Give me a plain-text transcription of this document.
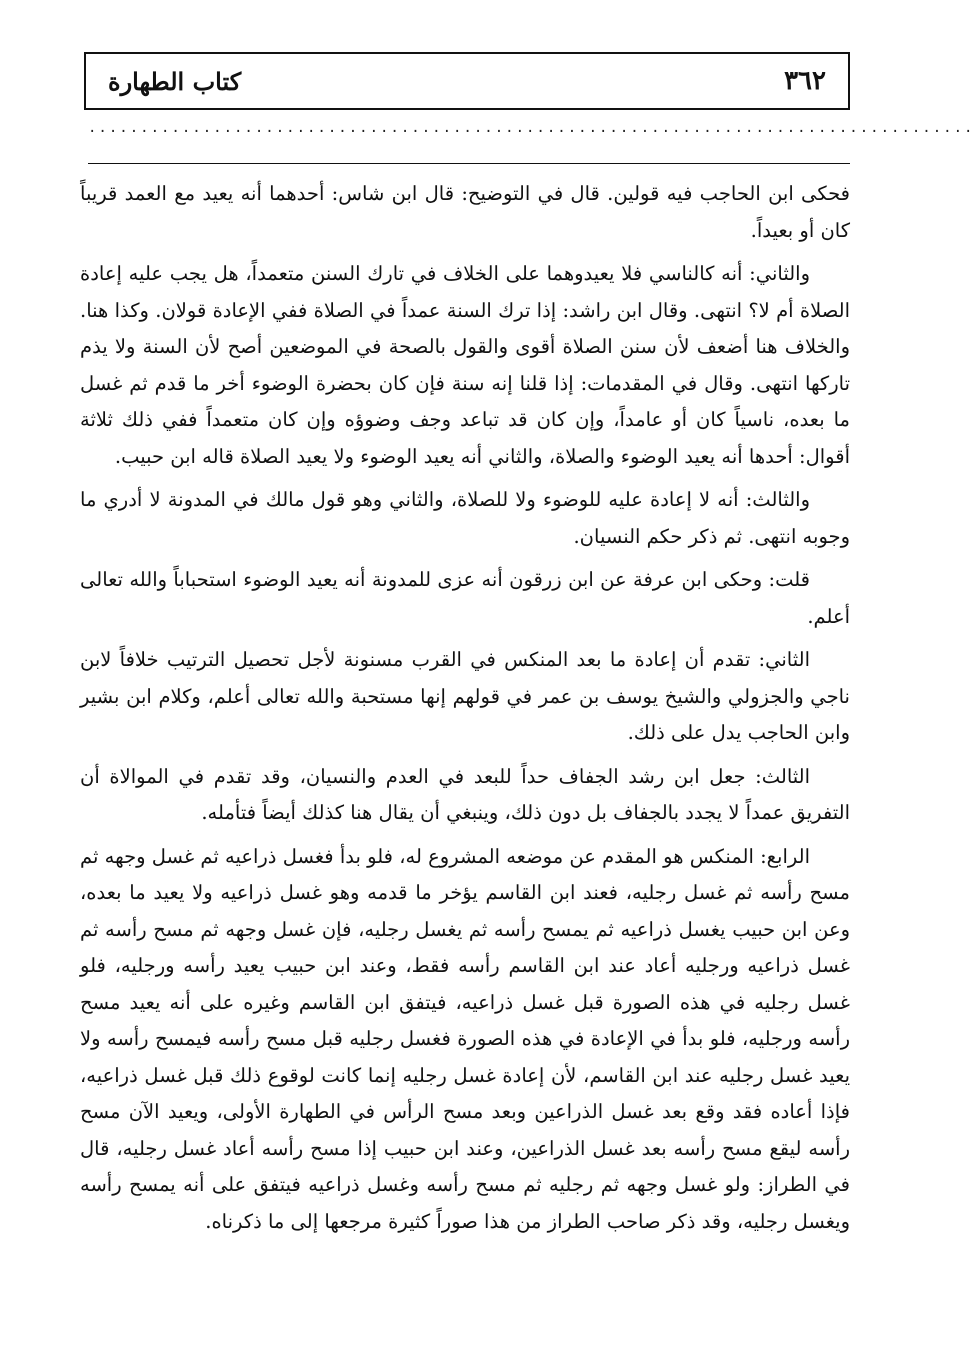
كتاب الطهارة	٣٦٢
.....................................................................................

فحكى ابن الحاجب فيه قولين. قال في التوضيح: قال ابن شاس: أحدهما أنه يعيد مع العمد قريباً كان أو بعيداً.

والثاني: أنه كالناسي فلا يعيدوهما على الخلاف في تارك السنن متعمداً، هل يجب عليه إعادة الصلاة أم لا؟ انتهى. وقال ابن راشد: إذا ترك السنة عمداً في الصلاة ففي الإعادة قولان. وكذا هنا. والخلاف هنا أضعف لأن سنن الصلاة أقوى والقول بالصحة في الموضعين أصح لأن السنة ولا يذم تاركها انتهى. وقال في المقدمات: إذا قلنا إنه سنة فإن كان بحضرة الوضوء أخر ما قدم ثم غسل ما بعده، ناسياً كان أو عامداً، وإن كان قد تباعد وجف وضوؤه وإن كان متعمداً ففي ذلك ثلاثة أقوال: أحدها أنه يعيد الوضوء والصلاة، والثاني أنه يعيد الوضوء ولا يعيد الصلاة قاله ابن حبيب.

والثالث: أنه لا إعادة عليه للوضوء ولا للصلاة، والثاني وهو قول مالك في المدونة لا أدري ما وجوبه انتهى. ثم ذكر حكم النسيان.

قلت: وحكى ابن عرفة عن ابن زرقون أنه عزى للمدونة أنه يعيد الوضوء استحباباً والله تعالى أعلم.

الثاني: تقدم أن إعادة ما بعد المنكس في القرب مسنونة لأجل تحصيل الترتيب خلافاً لابن ناجي والجزولي والشيخ يوسف بن عمر في قولهم إنها مستحبة والله تعالى أعلم، وكلام ابن بشير وابن الحاجب يدل على ذلك.

الثالث: جعل ابن رشد الجفاف حداً للبعد في العدم والنسيان، وقد تقدم في الموالاة أن التفريق عمداً لا يجدد بالجفاف بل دون ذلك، وينبغي أن يقال هنا كذلك أيضاً فتأمله.

الرابع: المنكس هو المقدم عن موضعه المشروع له، فلو بدأ فغسل ذراعيه ثم غسل وجهه ثم مسح رأسه ثم غسل رجليه، فعند ابن القاسم يؤخر ما قدمه وهو غسل ذراعيه ولا يعيد ما بعده، وعن ابن حبيب يغسل ذراعيه ثم يمسح رأسه ثم يغسل رجليه، فإن غسل وجهه ثم مسح رأسه ثم غسل ذراعيه ورجليه أعاد عند ابن القاسم رأسه فقط، وعند ابن حبيب يعيد رأسه ورجليه، فلو غسل رجليه في هذه الصورة قبل غسل ذراعيه، فيتفق ابن القاسم وغيره على أنه يعيد مسح رأسه ورجليه، فلو بدأ في الإعادة في هذه الصورة فغسل رجليه قبل مسح رأسه فيمسح رأسه ولا يعيد غسل رجليه عند ابن القاسم، لأن إعادة غسل رجليه إنما كانت لوقوع ذلك قبل غسل ذراعيه، فإذا أعاده فقد وقع بعد غسل الذراعين وبعد مسح الرأس في الطهارة الأولى، ويعيد الآن مسح رأسه ليقع مسح رأسه بعد غسل الذراعين، وعند ابن حبيب إذا مسح رأسه أعاد غسل رجليه، قال في الطراز: ولو غسل وجهه ثم رجليه ثم مسح رأسه وغسل ذراعيه فيتفق على أنه يمسح رأسه ويغسل رجليه، وقد ذكر صاحب الطراز من هذا صوراً كثيرة مرجعها إلى ما ذكرناه.
